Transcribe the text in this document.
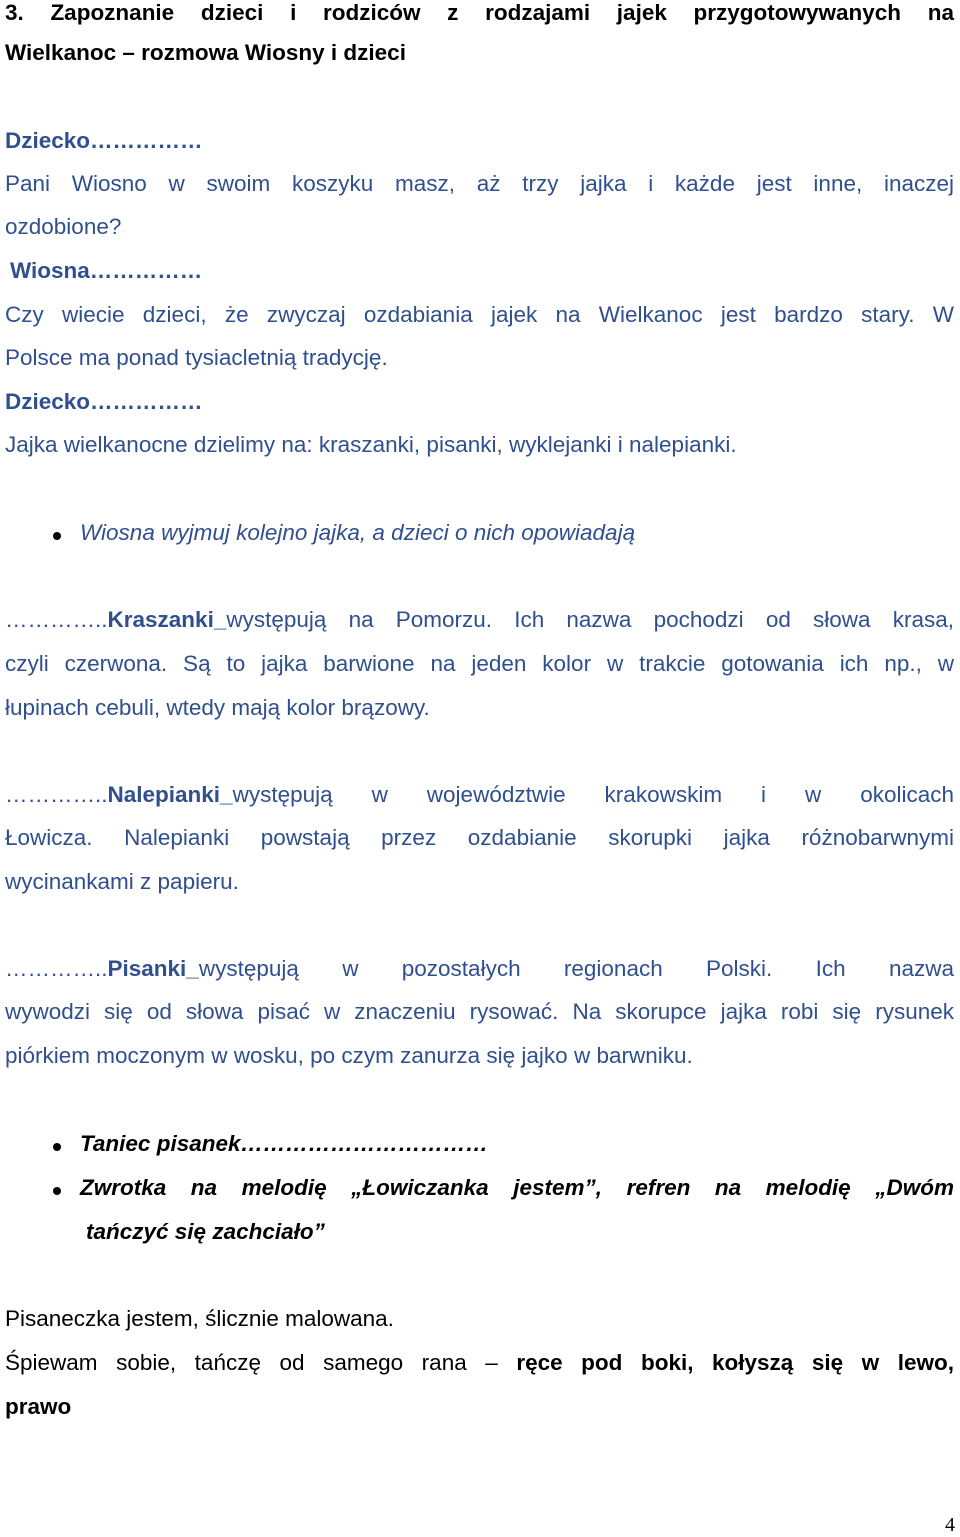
3. Zapoznanie dzieci i rodziców z rodzajami jajek przygotowywanych na
Wielkanoc – rozmowa Wiosny i dzieci
Dziecko……………
Pani Wiosno w swoim koszyku masz, aż trzy jajka i każde jest inne, inaczej
ozdobione?
Wiosna……………
Czy wiecie dzieci, że zwyczaj ozdabiania jajek na Wielkanoc jest bardzo stary. W
Polsce ma ponad tysiacletnią tradycję.
Dziecko……………
Jajka wielkanocne dzielimy na: kraszanki, pisanki, wyklejanki i nalepianki.
Wiosna wyjmuj kolejno jajka, a dzieci o nich opowiadają
…………..Kraszanki_występują na Pomorzu. Ich nazwa pochodzi od słowa krasa,
czyli czerwona. Są to jajka barwione na jeden kolor w trakcie gotowania ich np., w
łupinach cebuli, wtedy mają kolor brązowy.
…………..Nalepianki_występują w województwie krakowskim i w okolicach
Łowicza. Nalepianki powstają przez ozdabianie skorupki jajka różnobarwnymi
wycinankami z papieru.
…………..Pisanki_występują w pozostałych regionach Polski. Ich nazwa
wywodzi się od słowa pisać w znaczeniu rysować. Na skorupce jajka robi się rysunek
piórkiem moczonym w wosku, po czym zanurza się jajko w barwniku.
Taniec pisanek……………………………
Zwrotka na melodię „Łowiczanka jestem”, refren na melodię „Dwóm
tańczyć się zachciało”
Pisaneczka jestem, ślicznie malowana.
Śpiewam sobie, tańczę od samego rana – ręce pod boki, kołyszą się w lewo,
prawo
4
